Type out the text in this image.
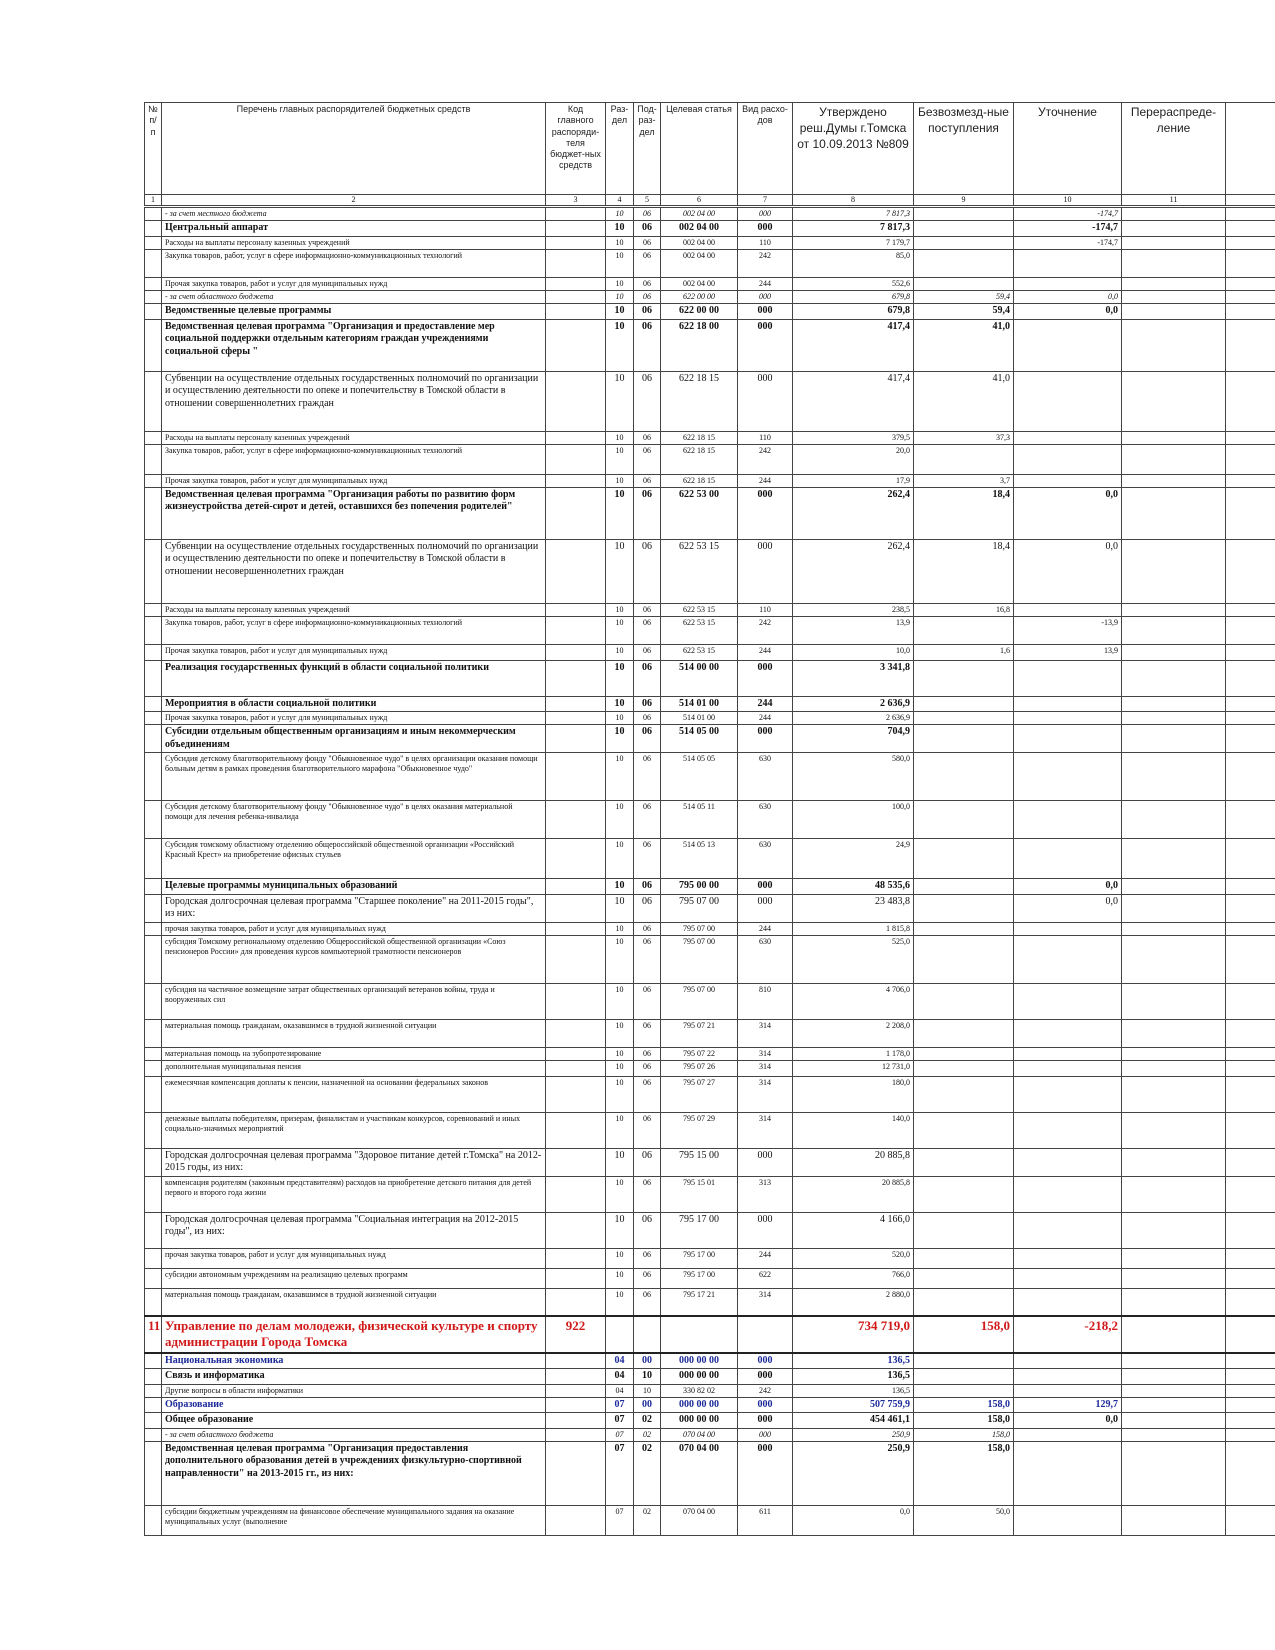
№ п/п	Перечень главных распорядителей бюджетных средств	Код главного распоряди-теля бюджет-ных средств	Раз-дел	Под-раз-дел	Целевая статья	Вид расхо-дов	Утверждено реш.Думы г.Томска от 10.09.2013 №809	Безвозмезд-ные поступления	Уточнение	Перераспреде-ление	
1	2	3	4	5	6	7	8	9	10	11	
	- за счет местного бюджета		10	06	002 04 00	000	7 817,3		-174,7		
	Центральный аппарат		10	06	002 04 00	000	7 817,3		-174,7		
	Расходы на выплаты персоналу казенных учреждений		10	06	002 04 00	110	7 179,7		-174,7		
	Закупка товаров, работ, услуг в сфере информационно-коммуникационных технологий		10	06	002 04 00	242	85,0				
	Прочая закупка товаров, работ и услуг для муниципальных нужд		10	06	002 04 00	244	552,6				
	- за счет областного бюджета		10	06	622 00 00	000	679,8	59,4	0,0		
	Ведомственные целевые программы		10	06	622 00 00	000	679,8	59,4	0,0		
	Ведомственная целевая программа "Организация и предоставление мер социальной поддержки отдельным категориям граждан учреждениями социальной сферы "		10	06	622 18 00	000	417,4	41,0			
	Субвенции на осуществление отдельных государственных полномочий по организации и осуществлению деятельности по опеке и попечительству в Томской области в отношении совершеннолетних граждан		10	06	622 18 15	000	417,4	41,0			
	Расходы на выплаты персоналу казенных учреждений		10	06	622 18 15	110	379,5	37,3			
	Закупка товаров, работ, услуг в сфере информационно-коммуникационных технологий		10	06	622 18 15	242	20,0				
	Прочая закупка товаров, работ и услуг для муниципальных нужд		10	06	622 18 15	244	17,9	3,7			
	Ведомственная целевая программа "Организация работы по развитию форм жизнеустройства детей-сирот и детей, оставшихся без попечения родителей"		10	06	622 53 00	000	262,4	18,4	0,0		
	Субвенции на осуществление отдельных государственных полномочий по организации и осуществлению деятельности по опеке и попечительству в Томской области в отношении несовершеннолетних граждан		10	06	622 53 15	000	262,4	18,4	0,0		
	Расходы на выплаты персоналу казенных учреждений		10	06	622 53 15	110	238,5	16,8			
	Закупка товаров, работ, услуг в сфере информационно-коммуникационных технологий		10	06	622 53 15	242	13,9		-13,9		
	Прочая закупка товаров, работ и услуг для муниципальных нужд		10	06	622 53 15	244	10,0	1,6	13,9		
	Реализация государственных функций в области социальной политики		10	06	514 00 00	000	3 341,8				
	Мероприятия в области социальной политики		10	06	514 01 00	244	2 636,9				
	Прочая закупка товаров, работ и услуг для муниципальных нужд		10	06	514 01 00	244	2 636,9				
	Субсидии отдельным общественным организациям и иным некоммерческим объединениям		10	06	514 05 00	000	704,9				
	Субсидия детскому благотворительному фонду "Обыкновенное чудо" в целях организации оказания помощи больным детям в рамках проведения благотворительного марафона "Обыкновенное чудо"		10	06	514 05 05	630	580,0				
	Субсидия детскому благотворительному фонду "Обыкновенное чудо" в целях оказания материальной помощи для лечения ребенка-инвалида		10	06	514 05 11	630	100,0				
	Субсидия томскому областному отделению общероссийской общественной организации «Российский Красный Крест» на приобретение офисных стульев		10	06	514 05 13	630	24,9				
	Целевые программы муниципальных образований		10	06	795 00 00	000	48 535,6		0,0		
	Городская долгосрочная целевая программа "Старшее поколение" на 2011-2015 годы", из них:		10	06	795 07 00	000	23 483,8		0,0		
	прочая закупка товаров, работ и услуг для муниципальных нужд		10	06	795 07 00	244	1 815,8				
	субсидия Томскому региональному отделению Общероссийской общественной организации «Союз пенсионеров России» для проведения курсов компьютерной грамотности пенсионеров		10	06	795 07 00	630	525,0				
	субсидия на частичное возмещение затрат общественных организаций ветеранов войны, труда и вооруженных сил		10	06	795 07 00	810	4 706,0				
	материальная помощь гражданам, оказавшимся в трудной жизненной ситуации		10	06	795 07 21	314	2 208,0				
	материальная помощь на зубопротезирование		10	06	795 07 22	314	1 178,0				
	дополнительная муниципальная пенсия		10	06	795 07 26	314	12 731,0				
	ежемесячная компенсация доплаты к пенсии, назначенной на основании федеральных законов		10	06	795 07 27	314	180,0				
	денежные выплаты победителям, призерам, финалистам и участникам конкурсов, соревнований и иных социально-значимых мероприятий		10	06	795 07 29	314	140,0				
	Городская долгосрочная целевая программа "Здоровое питание детей г.Томска" на 2012-2015 годы, из них:		10	06	795 15 00	000	20 885,8				
	компенсация родителям (законным представителям) расходов на приобретение детского питания для детей первого и второго года жизни		10	06	795 15 01	313	20 885,8				
	Городская долгосрочная целевая программа "Социальная интеграция на 2012-2015 годы", из них:		10	06	795 17 00	000	4 166,0				
	прочая закупка товаров, работ и услуг для муниципальных нужд		10	06	795 17 00	244	520,0				
	субсидии автономным учреждениям на реализацию целевых программ		10	06	795 17 00	622	766,0				
	материальная помощь гражданам, оказавшимся в трудной жизненной ситуации		10	06	795 17 21	314	2 880,0				
11	Управление по делам молодежи, физической культуре и спорту администрации Города Томска	922					734 719,0	158,0	-218,2		
	Национальная экономика		04	00	000 00 00	000	136,5				
	Связь и информатика		04	10	000 00 00	000	136,5				
	Другие вопросы в области информатики		04	10	330 82 02	242	136,5				
	Образование		07	00	000 00 00	000	507 759,9	158,0	129,7		
	Общее образование		07	02	000 00 00	000	454 461,1	158,0	0,0		
	- за счет областного бюджета		07	02	070 04 00	000	250,9	158,0			
	Ведомственная целевая программа "Организация предоставления дополнительного образования детей в учреждениях физкультурно-спортивной направленности" на 2013-2015 гг., из них:		07	02	070 04 00	000	250,9	158,0			
	субсидии бюджетным учреждениям на финансовое обеспечение муниципального задания на оказание муниципальных услуг (выполнение		07	02	070 04 00	611	0,0	50,0			
